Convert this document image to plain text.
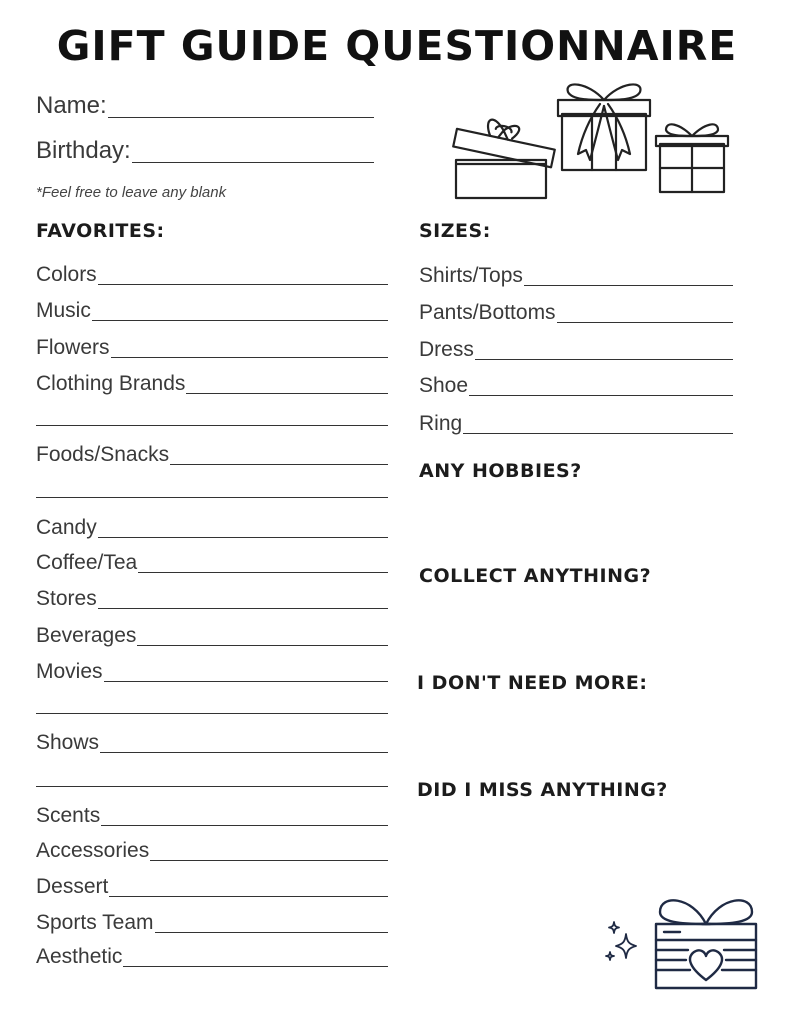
GIFT GUIDE QUESTIONNAIRE
Name:
Birthday:
*Feel free to leave any blank
FAVORITES:
Colors
Music
Flowers
Clothing Brands
Foods/Snacks
Candy
Coffee/Tea
Stores
Beverages
Movies
Shows
Scents
Accessories
Dessert
Sports Team
Aesthetic
SIZES:
Shirts/Tops
Pants/Bottoms
Dress
Shoe
Ring
ANY HOBBIES?
COLLECT ANYTHING?
I DON'T NEED MORE:
DID I MISS ANYTHING?
